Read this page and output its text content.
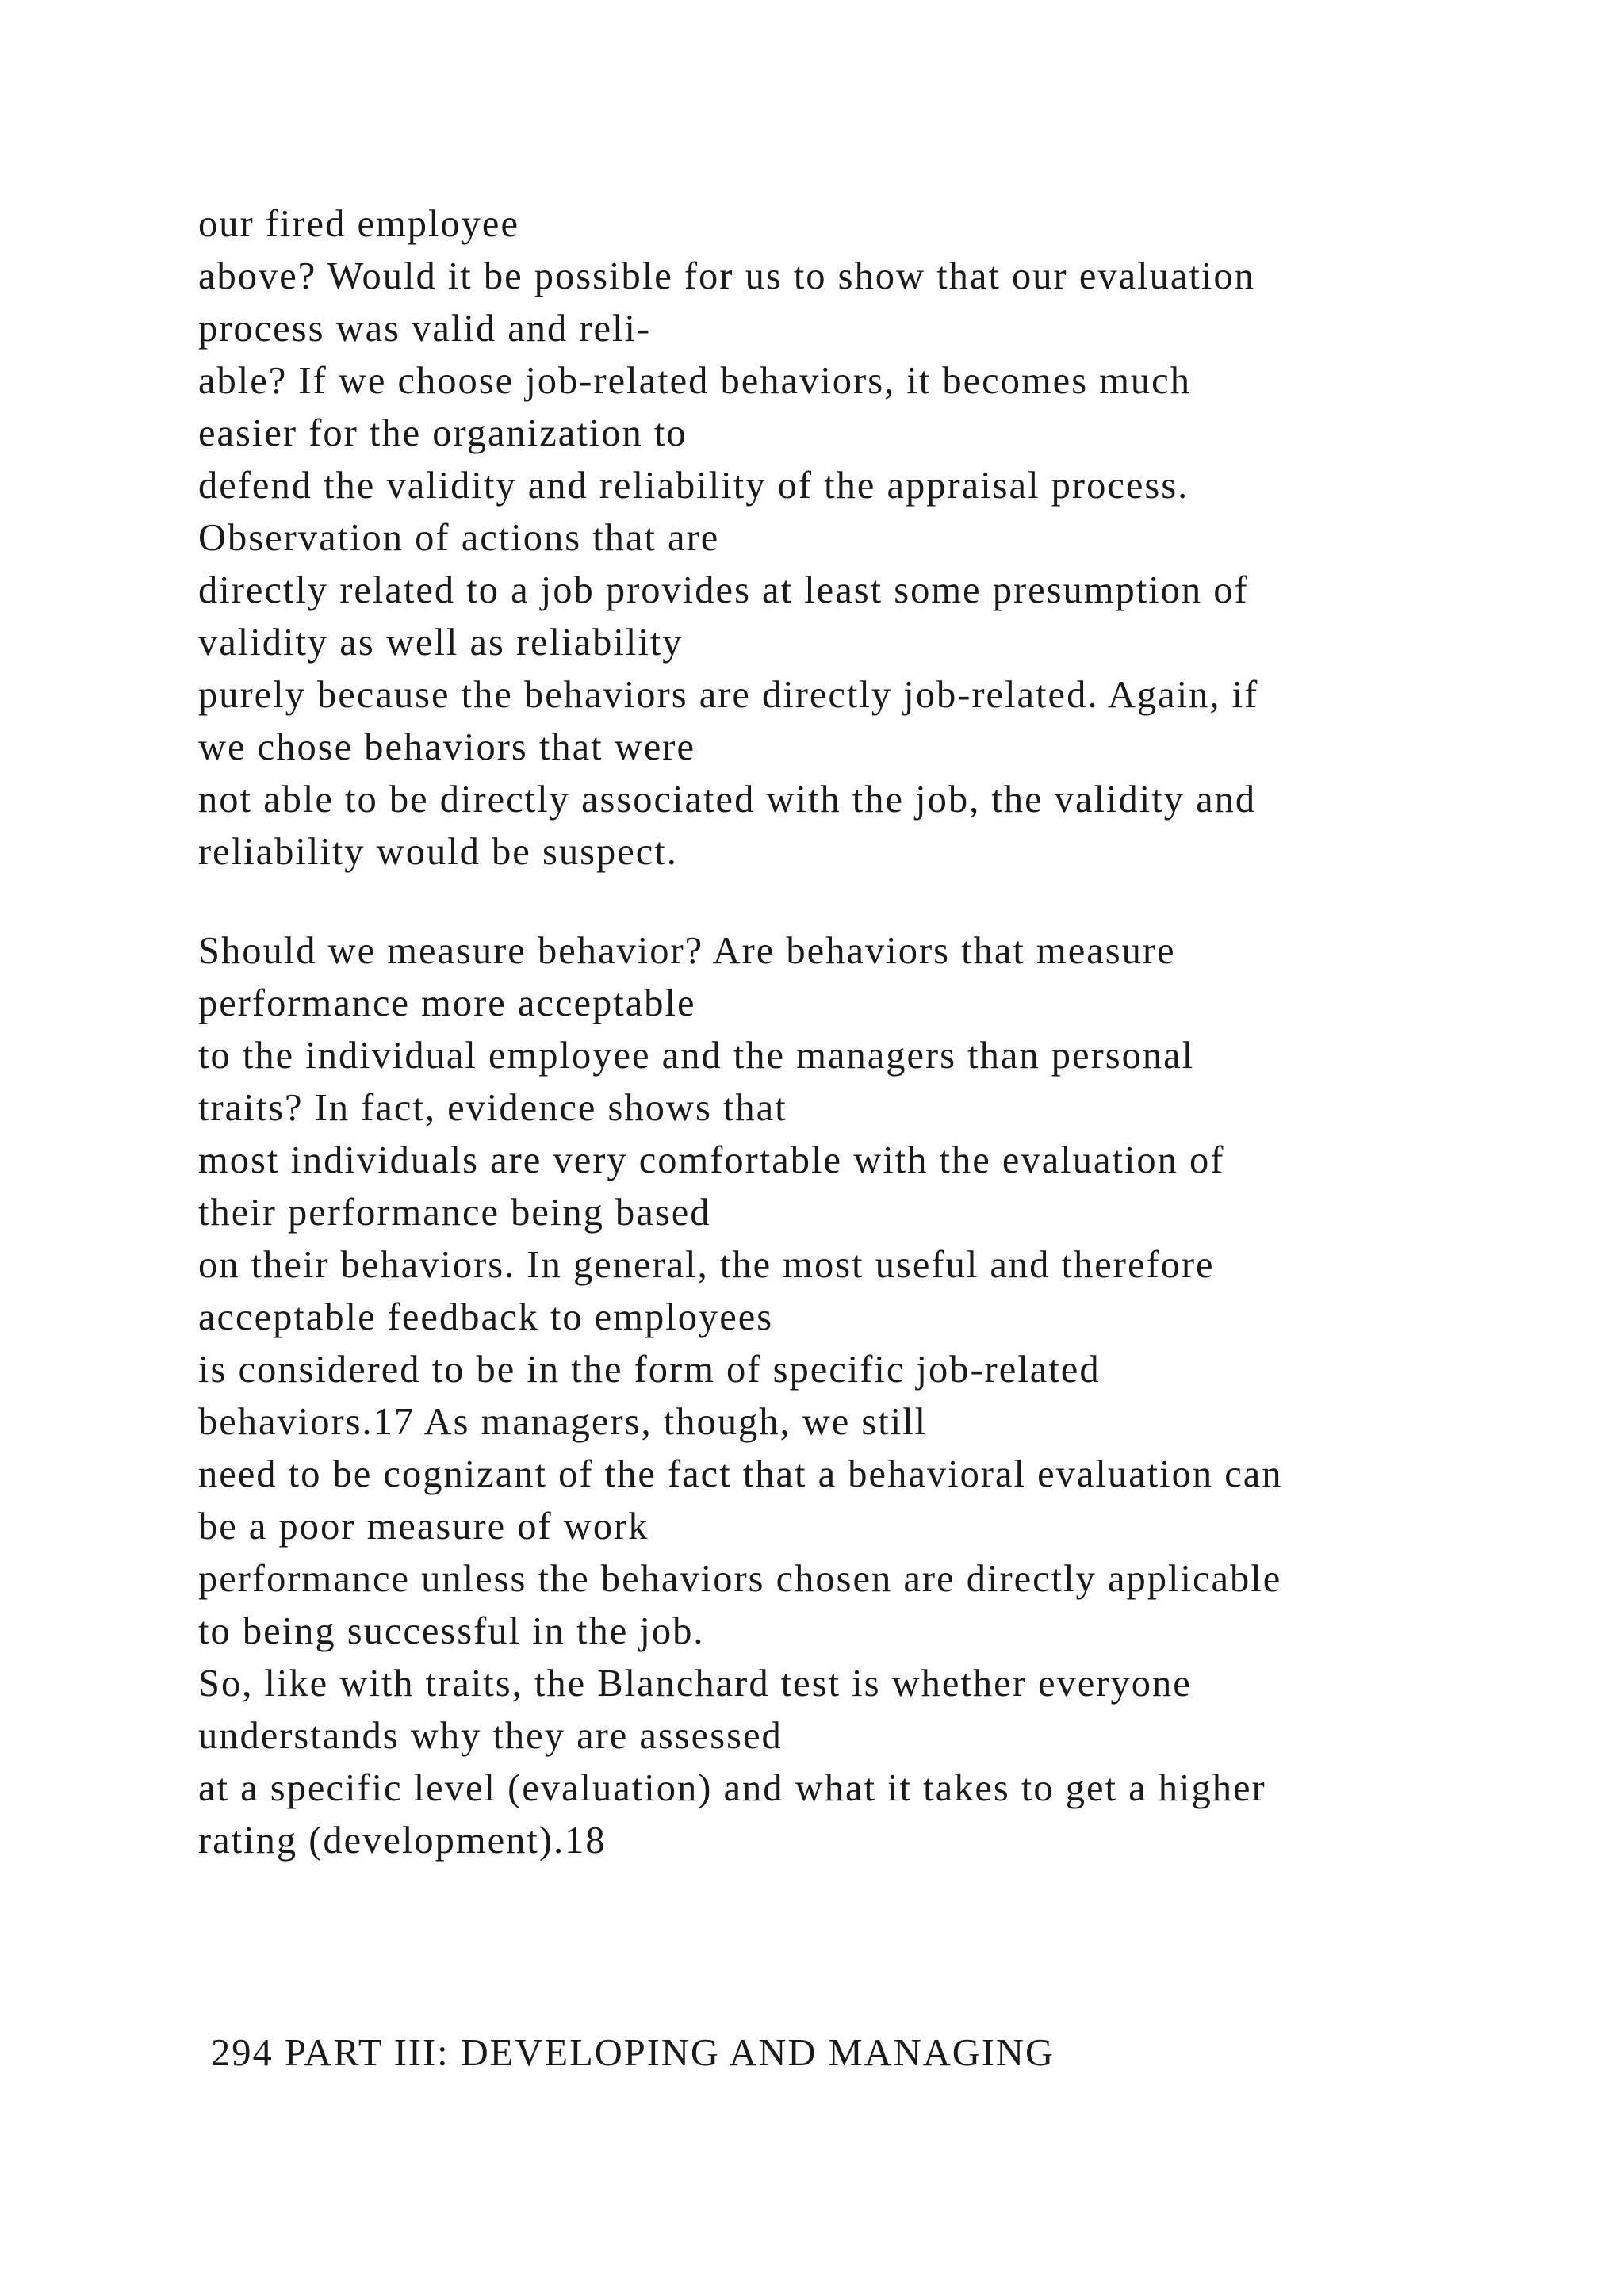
our fired employee
above? Would it be possible for us to show that our evaluation
process was valid and reli-
able? If we choose job-related behaviors, it becomes much
easier for the organization to
defend the validity and reliability of the appraisal process.
Observation of actions that are
directly related to a job provides at least some presumption of
validity as well as reliability
purely because the behaviors are directly job-related. Again, if
we chose behaviors that were
not able to be directly associated with the job, the validity and
reliability would be suspect.
Should we measure behavior? Are behaviors that measure
performance more acceptable
to the individual employee and the managers than personal
traits? In fact, evidence shows that
most individuals are very comfortable with the evaluation of
their performance being based
on their behaviors. In general, the most useful and therefore
acceptable feedback to employees
is considered to be in the form of specific job-related
behaviors.17 As managers, though, we still
need to be cognizant of the fact that a behavioral evaluation can
be a poor measure of work
performance unless the behaviors chosen are directly applicable
to being successful in the job.
So, like with traits, the Blanchard test is whether everyone
understands why they are assessed
at a specific level (evaluation) and what it takes to get a higher
rating (development).18
294 PART III: DEVELOPING AND MANAGING
